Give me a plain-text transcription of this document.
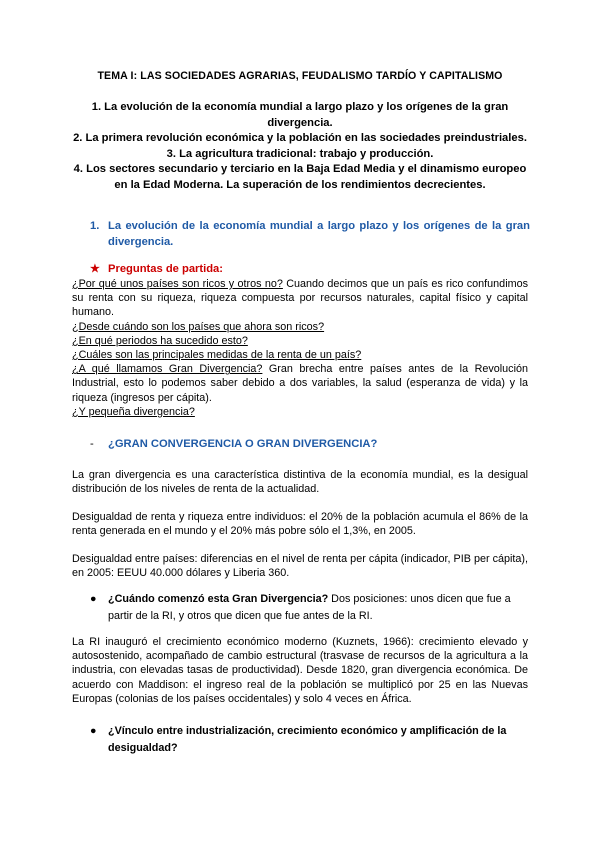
TEMA I: LAS SOCIEDADES AGRARIAS, FEUDALISMO TARDÍO Y CAPITALISMO
1. La evolución de la economía mundial a largo plazo y los orígenes de la gran divergencia.
2. La primera revolución económica y la población en las sociedades preindustriales.
3. La agricultura tradicional: trabajo y producción.
4. Los sectores secundario y terciario en la Baja Edad Media y el dinamismo europeo en la Edad Moderna. La superación de los rendimientos decrecientes.
1. La evolución de la economía mundial a largo plazo y los orígenes de la gran divergencia.
★ Preguntas de partida:
¿Por qué unos países son ricos y otros no? Cuando decimos que un país es rico confundimos su renta con su riqueza, riqueza compuesta por recursos naturales, capital físico y capital humano.
¿Desde cuándo son los países que ahora son ricos?
¿En qué periodos ha sucedido esto?
¿Cuáles son las principales medidas de la renta de un país?
¿A qué llamamos Gran Divergencia? Gran brecha entre países antes de la Revolución Industrial, esto lo podemos saber debido a dos variables, la salud (esperanza de vida) y la riqueza (ingresos per cápita).
¿Y pequeña divergencia?
- ¿GRAN CONVERGENCIA O GRAN DIVERGENCIA?
La gran divergencia es una característica distintiva de la economía mundial, es la desigual distribución de los niveles de renta de la actualidad.
Desigualdad de renta y riqueza entre individuos: el 20% de la población acumula el 86% de la renta generada en el mundo y el 20% más pobre sólo el 1,3%, en 2005.
Desigualdad entre países: diferencias en el nivel de renta per cápita (indicador, PIB per cápita), en 2005: EEUU 40.000 dólares y Liberia 360.
● ¿Cuándo comenzó esta Gran Divergencia? Dos posiciones: unos dicen que fue a partir de la RI, y otros que dicen que fue antes de la RI.
La RI inauguró el crecimiento económico moderno (Kuznets, 1966): crecimiento elevado y autosostenido, acompañado de cambio estructural (trasvase de recursos de la agricultura a la industria, con elevadas tasas de productividad). Desde 1820, gran divergencia económica. De acuerdo con Maddison: el ingreso real de la población se multiplicó por 25 en las Nuevas Europas (colonias de los países occidentales) y solo 4 veces en África.
● ¿Vínculo entre industrialización, crecimiento económico y amplificación de la desigualdad?
